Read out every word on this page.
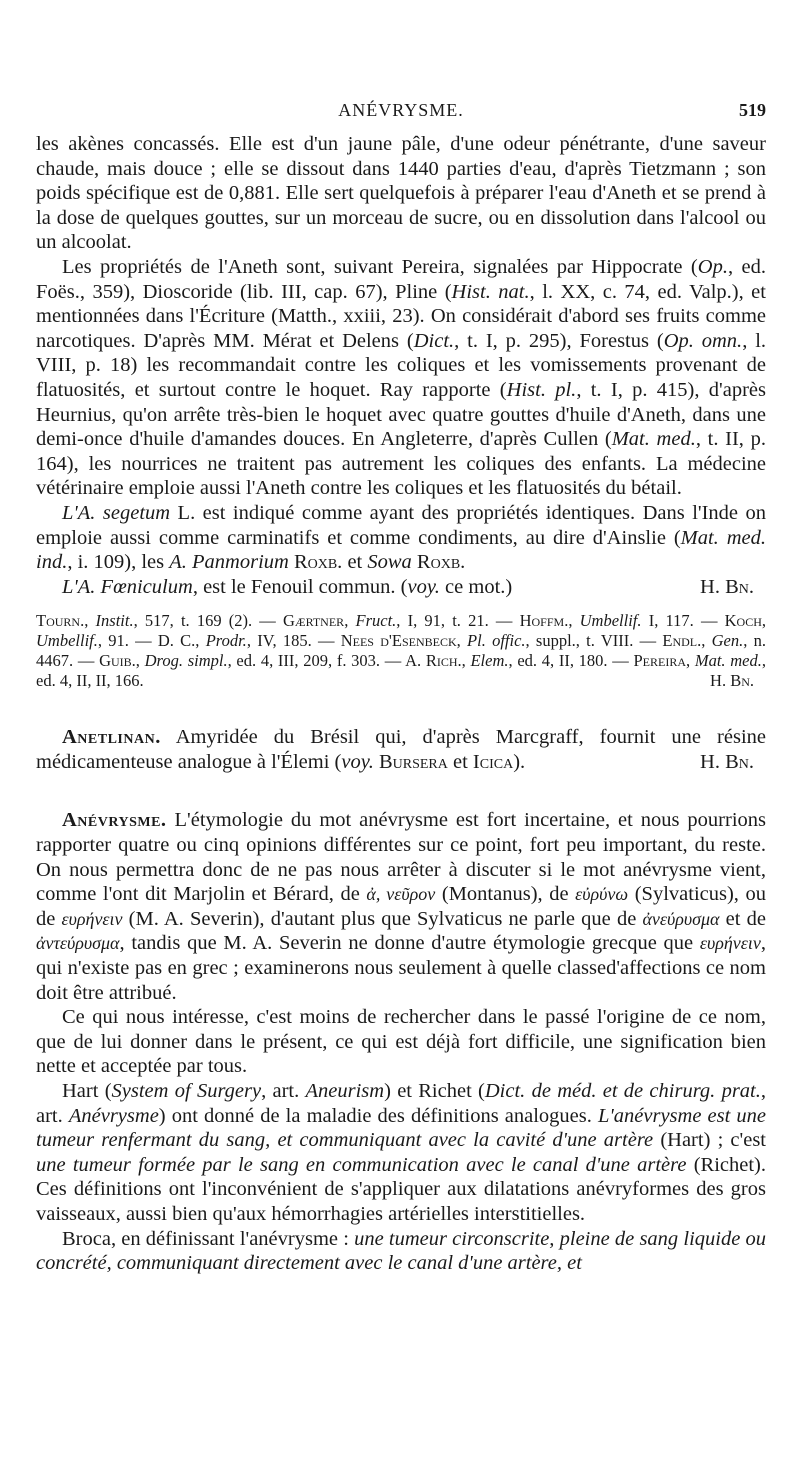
ANÉVRYSME.	519

les akènes concassés. Elle est d'un jaune pâle, d'une odeur pénétrante, d'une saveur chaude, mais douce ; elle se dissout dans 1440 parties d'eau, d'après Tietzmann ; son poids spécifique est de 0,881. Elle sert quelquefois à préparer l'eau d'Aneth et se prend à la dose de quelques gouttes, sur un morceau de sucre, ou en dissolution dans l'alcool ou un alcoolat.

Les propriétés de l'Aneth sont, suivant Pereira, signalées par Hippocrate (Op., ed. Foës., 359), Dioscoride (lib. III, cap. 67), Pline (Hist. nat., l. XX, c. 74, ed. Valp.), et mentionnées dans l'Écriture (Matth., xxiii, 23). On considérait d'abord ses fruits comme narcotiques. D'après MM. Mérat et Delens (Dict., t. I, p. 295), Forestus (Op. omn., l. VIII, p. 18) les recommandait contre les coliques et les vomissements provenant de flatuosités, et surtout contre le hoquet. Ray rapporte (Hist. pl., t. I, p. 415), d'après Heurnius, qu'on arrête très-bien le hoquet avec quatre gouttes d'huile d'Aneth, dans une demi-once d'huile d'amandes douces. En Angleterre, d'après Cullen (Mat. med., t. II, p. 164), les nourrices ne traitent pas autrement les coliques des enfants. La médecine vétérinaire emploie aussi l'Aneth contre les coliques et les flatuosités du bétail.

L'A. segetum L. est indiqué comme ayant des propriétés identiques. Dans l'Inde on emploie aussi comme carminatifs et comme condiments, au dire d'Ainslie (Mat. med. ind., i. 109), les A. Panmorium Roxb. et Sowa Roxb.

L'A. Fœniculum, est le Fenouil commun. (voy. ce mot.)	H. Bn.

Tourn., Instit., 517, t. 169 (2). — Gærtner, Fruct., I, 91, t. 21. — Hoffm., Umbellif. I, 117. — Koch, Umbellif., 91. — D. C., Prodr., IV, 185. — Nees d'Esenbeck, Pl. offic., suppl., t. VIII. — Endl., Gen., n. 4467. — Guib., Drog. simpl., ed. 4, III, 209, f. 303. — A. Rich., Elem., ed. 4, II, 180. — Pereira, Mat. med., ed. 4, II, II, 166.	H. Bn.

Anetlinan. Amyridée du Brésil qui, d'après Marcgraff, fournit une résine médicamenteuse analogue à l'Élemi (voy. Bursera et Icica).	H. Bn.

Anévrysme. L'étymologie du mot anévrysme est fort incertaine, et nous pourrions rapporter quatre ou cinq opinions différentes sur ce point, fort peu important, du reste. On nous permettra donc de ne pas nous arrêter à discuter si le mot anévrysme vient, comme l'ont dit Marjolin et Bérard, de ἀ, νεῦρον (Montanus), de εὐρύνω (Sylvaticus), ou de ευρήνειν (M. A. Severin), d'autant plus que Sylvaticus ne parle que de ἀνεύρυσμα et de ἀντεύρυσμα, tandis que M. A. Severin ne donne d'autre étymologie grecque que ευρήνειν, qui n'existe pas en grec ; examinerons nous seulement à quelle classed'affections ce nom doit être attribué.

Ce qui nous intéresse, c'est moins de rechercher dans le passé l'origine de ce nom, que de lui donner dans le présent, ce qui est déjà fort difficile, une signification bien nette et acceptée par tous.

Hart (System of Surgery, art. Aneurism) et Richet (Dict. de méd. et de chirurg. prat., art. Anévrysme) ont donné de la maladie des définitions analogues. L'anévrysme est une tumeur renfermant du sang, et communiquant avec la cavité d'une artère (Hart) ; c'est une tumeur formée par le sang en communication avec le canal d'une artère (Richet). Ces définitions ont l'inconvénient de s'appliquer aux dilatations anévryformes des gros vaisseaux, aussi bien qu'aux hémorrhagies artérielles interstitielles.

Broca, en définissant l'anévrysme : une tumeur circonscrite, pleine de sang liquide ou concrété, communiquant directement avec le canal d'une artère, et
